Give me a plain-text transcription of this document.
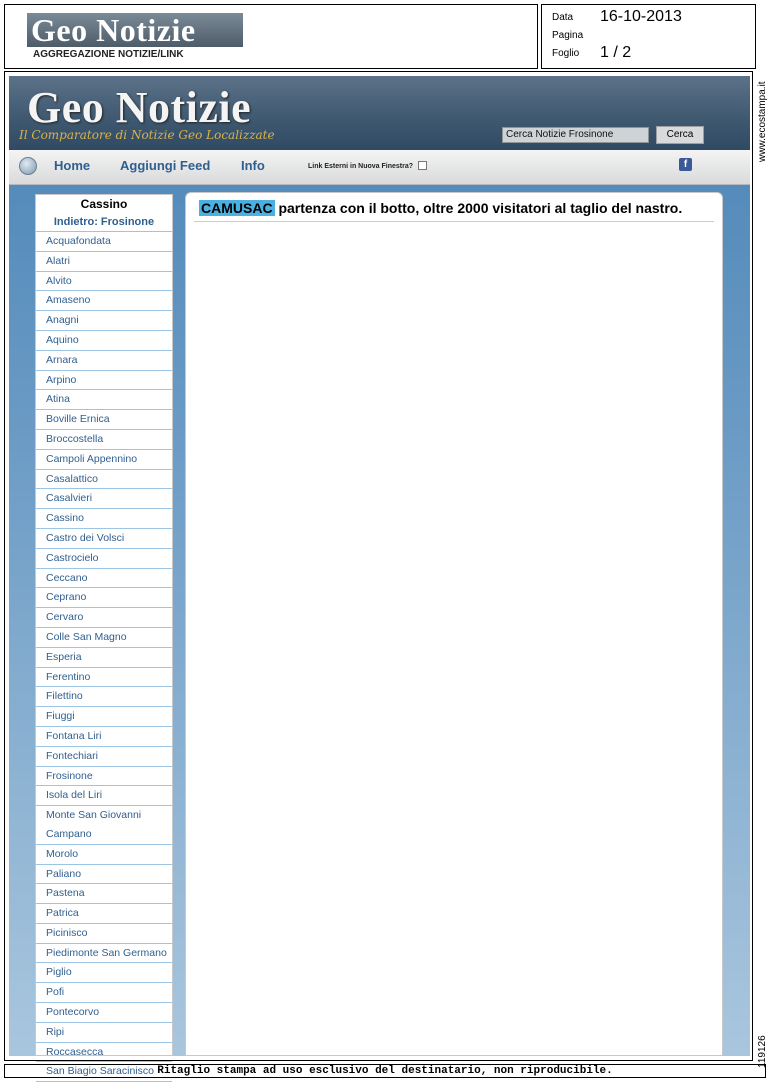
Geo Notizie
AGGREGAZIONE NOTIZIE/LINK
Data 16-10-2013
Pagina
Foglio 1 / 2
Geo Notizie
Il Comparatore di Notizie Geo Localizzate	Cerca Notizie Frosinone	Cerca
Home Aggiungi Feed Info	Link Esterni in Nuova Finestra?	f
Cassino
Indietro: Frosinone
Acquafondata
Alatri
Alvito
Amaseno
Anagni
Aquino
Arnara
Arpino
Atina
Boville Ernica
Broccostella
Campoli Appennino
Casalattico
Casalvieri
Cassino
Castro dei Volsci
Castrocielo
Ceccano
Ceprano
Cervaro
Colle San Magno
Esperia
Ferentino
Filettino
Fiuggi
Fontana Liri
Fontechiari
Frosinone
Isola del Liri
Monte San Giovanni Campano
Morolo
Paliano
Pastena
Patrica
Picinisco
Piedimonte San Germano
Piglio
Pofi
Pontecorvo
Ripi
Roccasecca
San Biagio Saracinisco
CAMUSAC partenza con il botto, oltre 2000 visitatori al taglio del nastro.
www.ecostampa.it
119126
Ritaglio stampa ad uso esclusivo del destinatario, non riproducibile.
